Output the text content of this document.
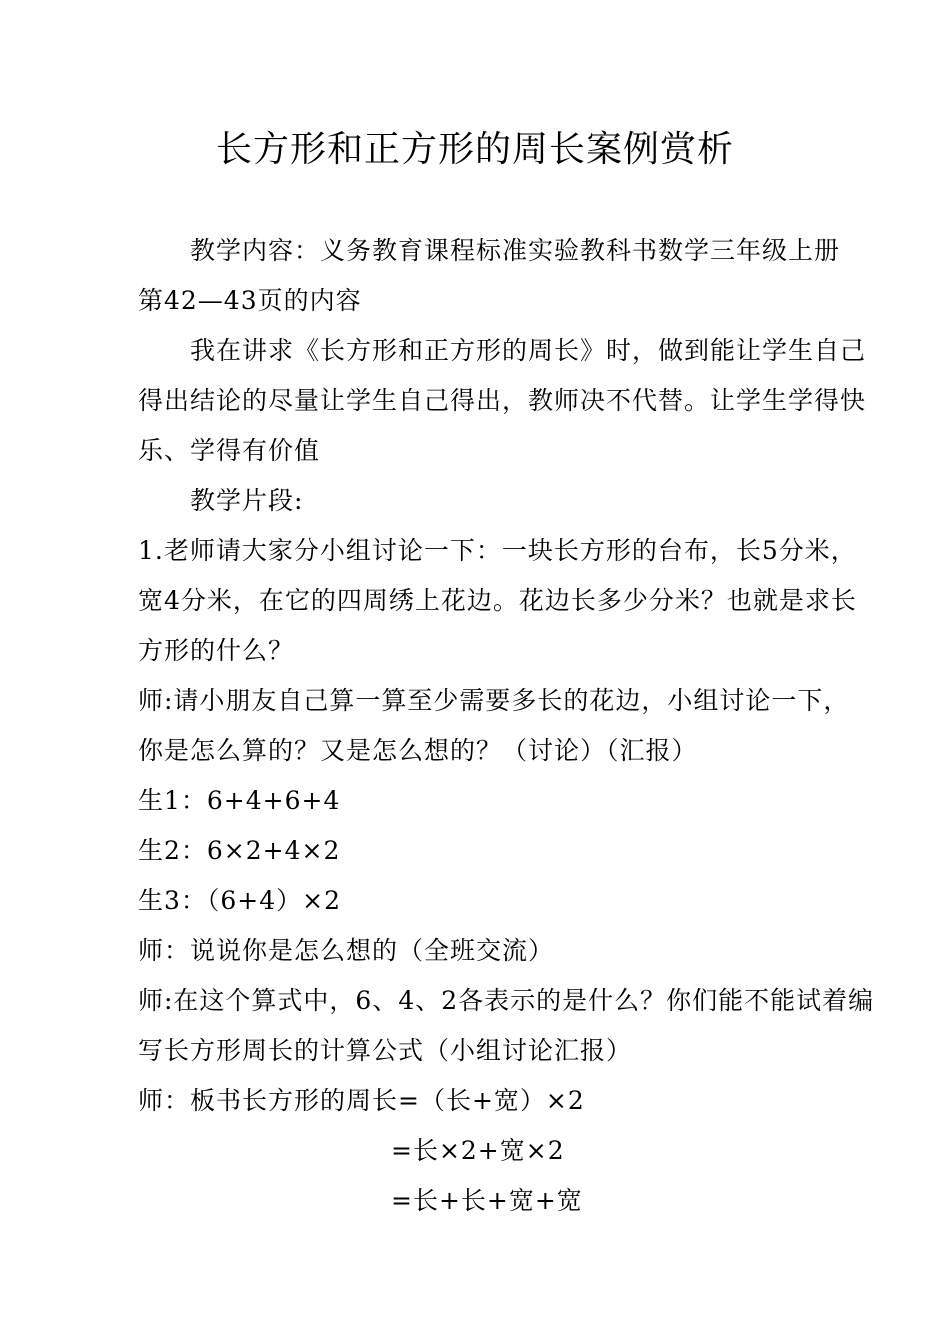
长方形和正方形的周长案例赏析

教学内容：义务教育课程标准实验教科书数学三年级上册

第42—43页的内容

我在讲求《长方形和正方形的周长》时，做到能让学生自己

得出结论的尽量让学生自己得出，教师决不代替。让学生学得快

乐、学得有价值

教学片段:

1.老师请大家分小组讨论一下：一块长方形的台布，长5分米，

宽4分米，在它的四周绣上花边。花边长多少分米？也就是求长

方形的什么？

师:请小朋友自己算一算至少需要多长的花边，小组讨论一下，

你是怎么算的？又是怎么想的？（讨论）（汇报）

生1：6+4+6+4

生2：6×2+4×2

生3：（6+4）×2

师：说说你是怎么想的（全班交流）

师:在这个算式中，6、4、2各表示的是什么？你们能不能试着编

写长方形周长的计算公式（小组讨论汇报）

师：板书长方形的周长=（长+宽）×2

=长×2+宽×2

=长+长+宽+宽
